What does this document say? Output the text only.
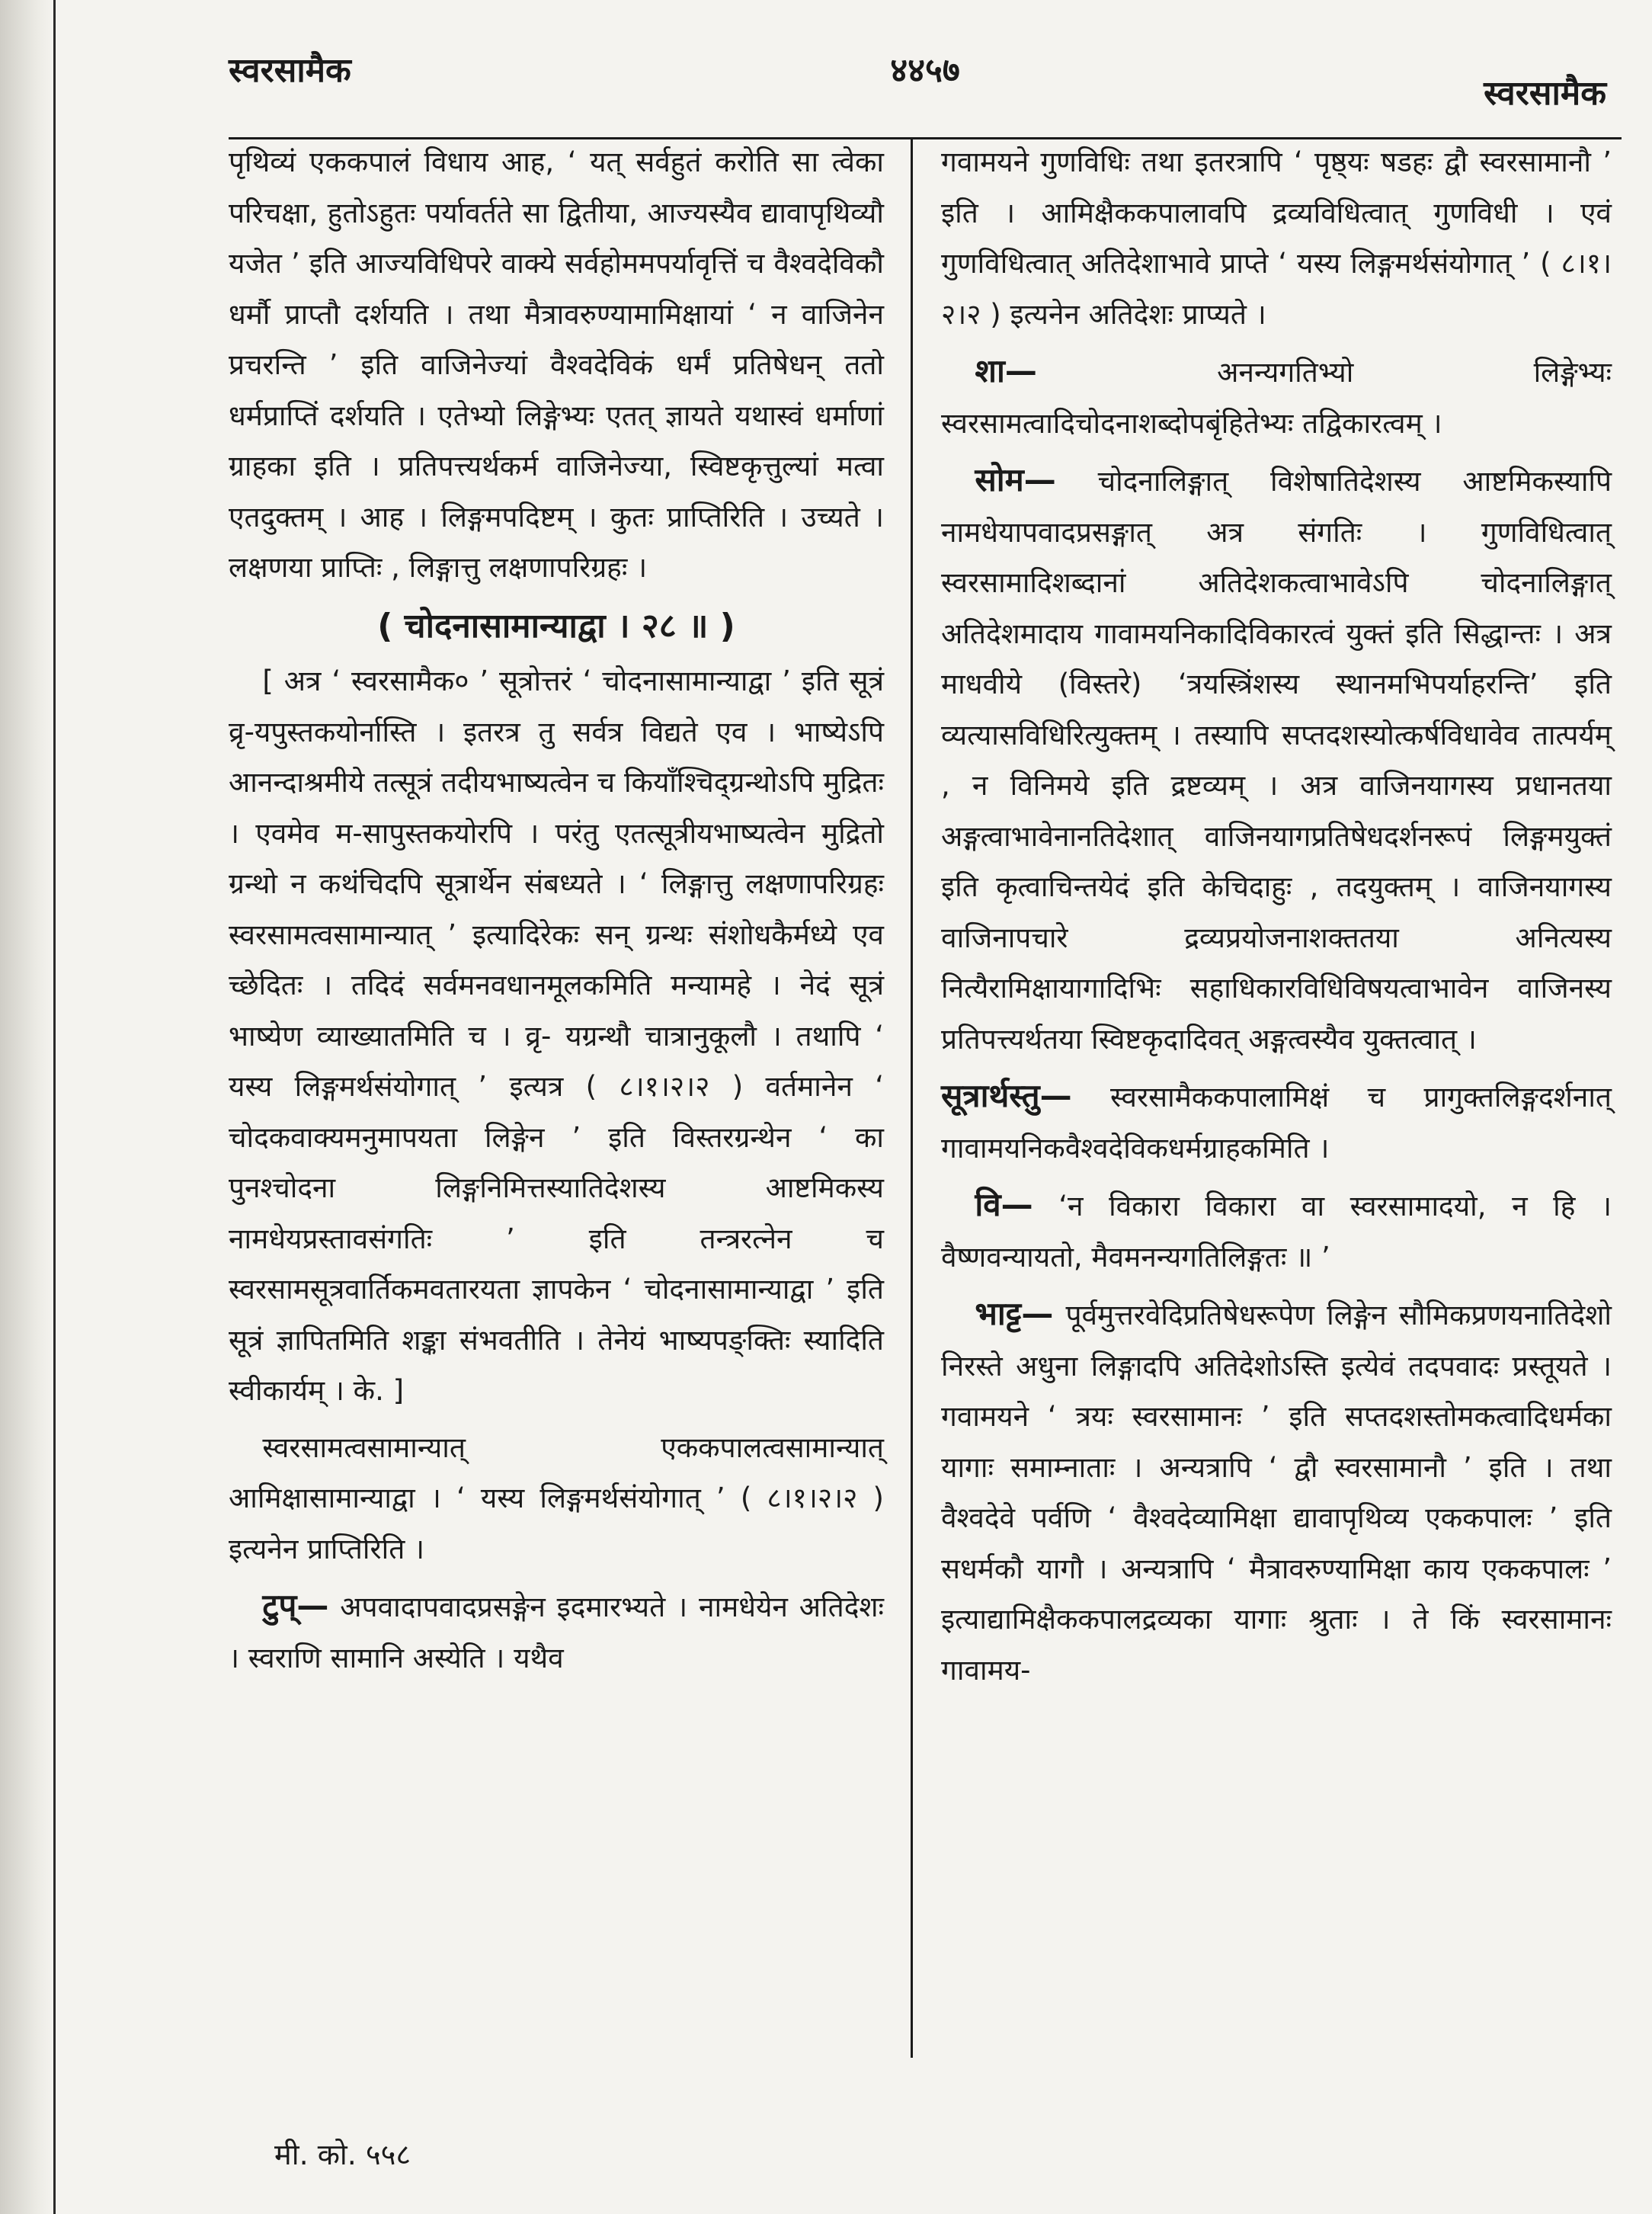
स्वरसामैक	४४५७
स्वरसामैक

पृथिव्यं एककपालं विधाय आह, ‘ यत् सर्वहुतं करोति सा त्वेका परिचक्षा, हुतोऽहुतः पर्यावर्तते सा द्वितीया, आज्यस्यैव द्यावापृथिव्यौ यजेत ’ इति आज्यविधिपरे वाक्ये सर्वहोममपर्यावृत्तिं च वैश्वदेविकौ धर्मौ प्राप्तौ दर्शयति । तथा मैत्रावरुण्यामामिक्षायां ‘ न वाजिनेन प्रचरन्ति ’ इति वाजिनेज्यां वैश्वदेविकं धर्मं प्रतिषेधन् ततो धर्मप्राप्तिं दर्शयति । एतेभ्यो लिङ्गेभ्यः एतत् ज्ञायते यथास्वं धर्माणां ग्राहका इति । प्रतिपत्त्यर्थकर्म वाजिनेज्या, स्विष्टकृत्तुल्यां मत्वा एतदुक्तम् । आह । लिङ्गमपदिष्टम् । कुतः प्राप्तिरिति । उच्यते । लक्षणया प्राप्तिः , लिङ्गात्तु लक्षणापरिग्रहः ।

( चोदनासामान्याद्वा । २८ ॥ )

[ अत्र ‘ स्वरसामैक० ’ सूत्रोत्तरं ‘ चोदनासामान्याद्वा ’ इति सूत्रं व्रृ-यपुस्तकयोर्नास्ति । इतरत्र तु सर्वत्र विद्यते एव । भाष्येऽपि आनन्दाश्रमीये तत्सूत्रं तदीयभाष्यत्वेन च कियाँश्चिद्ग्रन्थोऽपि मुद्रितः । एवमेव म-सापुस्तकयोरपि । परंतु एतत्सूत्रीयभाष्यत्वेन मुद्रितो ग्रन्थो न कथंचिदपि सूत्रार्थेन संबध्यते । ‘ लिङ्गात्तु लक्षणापरिग्रहः स्वरसामत्वसामान्यात् ’ इत्यादिरेकः सन् ग्रन्थः संशोधकैर्मध्ये एव च्छेदितः । तदिदं सर्वमनवधानमूलकमिति मन्यामहे । नेदं सूत्रं भाष्येण व्याख्यातमिति च । व्रृ- यग्रन्थौ चात्रानुकूलौ । तथापि ‘ यस्य लिङ्गमर्थसंयोगात् ’ इत्यत्र ( ८।१।२।२ ) वर्तमानेन ‘ चोदकवाक्यमनुमापयता लिङ्गेन ’ इति विस्तरग्रन्थेन ‘ का पुनश्चोदना लिङ्गनिमित्तस्यातिदेशस्य आष्टमिकस्य नामधेयप्रस्तावसंगतिः ’ इति तन्त्ररत्नेन च स्वरसामसूत्रवार्तिकमवतारयता ज्ञापकेन ‘ चोदनासामान्याद्वा ’ इति सूत्रं ज्ञापितमिति शङ्का संभवतीति । तेनेयं भाष्यपङ्क्तिः स्यादिति स्वीकार्यम् । के. ]

स्वरसामत्वसामान्यात् एककपालत्वसामान्यात् आमिक्षासामान्याद्वा । ‘ यस्य लिङ्गमर्थसंयोगात् ’ ( ८।१।२।२ ) इत्यनेन प्राप्तिरिति ।

टुप्— अपवादापवादप्रसङ्गेन इदमारभ्यते । नामधेयेन अतिदेशः । स्वराणि सामानि अस्येति । यथैव

गवामयने गुणविधिः तथा इतरत्रापि ‘ पृष्ठ्यः षडहः द्वौ स्वरसामानौ ’ इति । आमिक्षैककपालावपि द्रव्यविधित्वात् गुणविधी । एवं गुणविधित्वात् अतिदेशाभावे प्राप्ते ‘ यस्य लिङ्गमर्थसंयोगात् ’ ( ८।१।२।२ ) इत्यनेन अतिदेशः प्राप्यते ।

शा—	अनन्यगतिभ्यो लिङ्गेभ्यः स्वरसामत्वादिचोदनाशब्दोपबृंहितेभ्यः तद्विकारत्वम् ।

सोम— चोदनालिङ्गात् विशेषातिदेशस्य आष्टमिकस्यापि नामधेयापवादप्रसङ्गात् अत्र संगतिः । गुणविधित्वात् स्वरसामादिशब्दानां अतिदेशकत्वाभावेऽपि चोदनालिङ्गात् अतिदेशमादाय गावामयनिकादिविकारत्वं युक्तं इति सिद्धान्तः । अत्र माधवीये (विस्तरे) ‘त्रयस्त्रिंशस्य स्थानमभिपर्याहरन्ति’ इति व्यत्यासविधिरित्युक्तम् । तस्यापि सप्तदशस्योत्कर्षविधावेव तात्पर्यम् , न विनिमये इति द्रष्टव्यम् । अत्र वाजिनयागस्य प्रधानतया अङ्गत्वाभावेनानतिदेशात् वाजिनयागप्रतिषेधदर्शनरूपं लिङ्गमयुक्तं इति कृत्वाचिन्तयेदं इति केचिदाहुः , तदयुक्तम् । वाजिनयागस्य वाजिनापचारे द्रव्यप्रयोजनाशक्ततया अनित्यस्य नित्यैरामिक्षायागादिभिः सहाधिकारविधिविषयत्वाभावेन वाजिनस्य प्रतिपत्त्यर्थतया स्विष्टकृदादिवत् अङ्गत्वस्यैव युक्तत्वात् ।

सूत्रार्थस्तु— स्वरसामैककपालामिक्षं च प्रागुक्तलिङ्गदर्शनात् गावामयनिकवैश्वदेविकधर्मग्राहकमिति ।

वि— ‘न विकारा विकारा वा स्वरसामादयो, न हि । वैष्णवन्यायतो, मैवमनन्यगतिलिङ्गतः ॥ ’

भाट्ट— पूर्वमुत्तरवेदिप्रतिषेधरूपेण लिङ्गेन सौमिकप्रणयनातिदेशो निरस्ते अधुना लिङ्गादपि अतिदेशोऽस्ति इत्येवं तदपवादः प्रस्तूयते । गवामयने ‘ त्रयः स्वरसामानः ’ इति सप्तदशस्तोमकत्वादिधर्मका यागाः समाम्नाताः । अन्यत्रापि ‘ द्वौ स्वरसामानौ ’ इति । तथा वैश्वदेवे पर्वणि ‘ वैश्वदेव्यामिक्षा द्यावापृथिव्य एककपालः ’ इति सधर्मकौ यागौ । अन्यत्रापि ‘ मैत्रावरुण्यामिक्षा काय एककपालः ’ इत्याद्यामिक्षैककपालद्रव्यका यागाः श्रुताः । ते किं स्वरसामानः गावामय-

मी. को. ५५८
